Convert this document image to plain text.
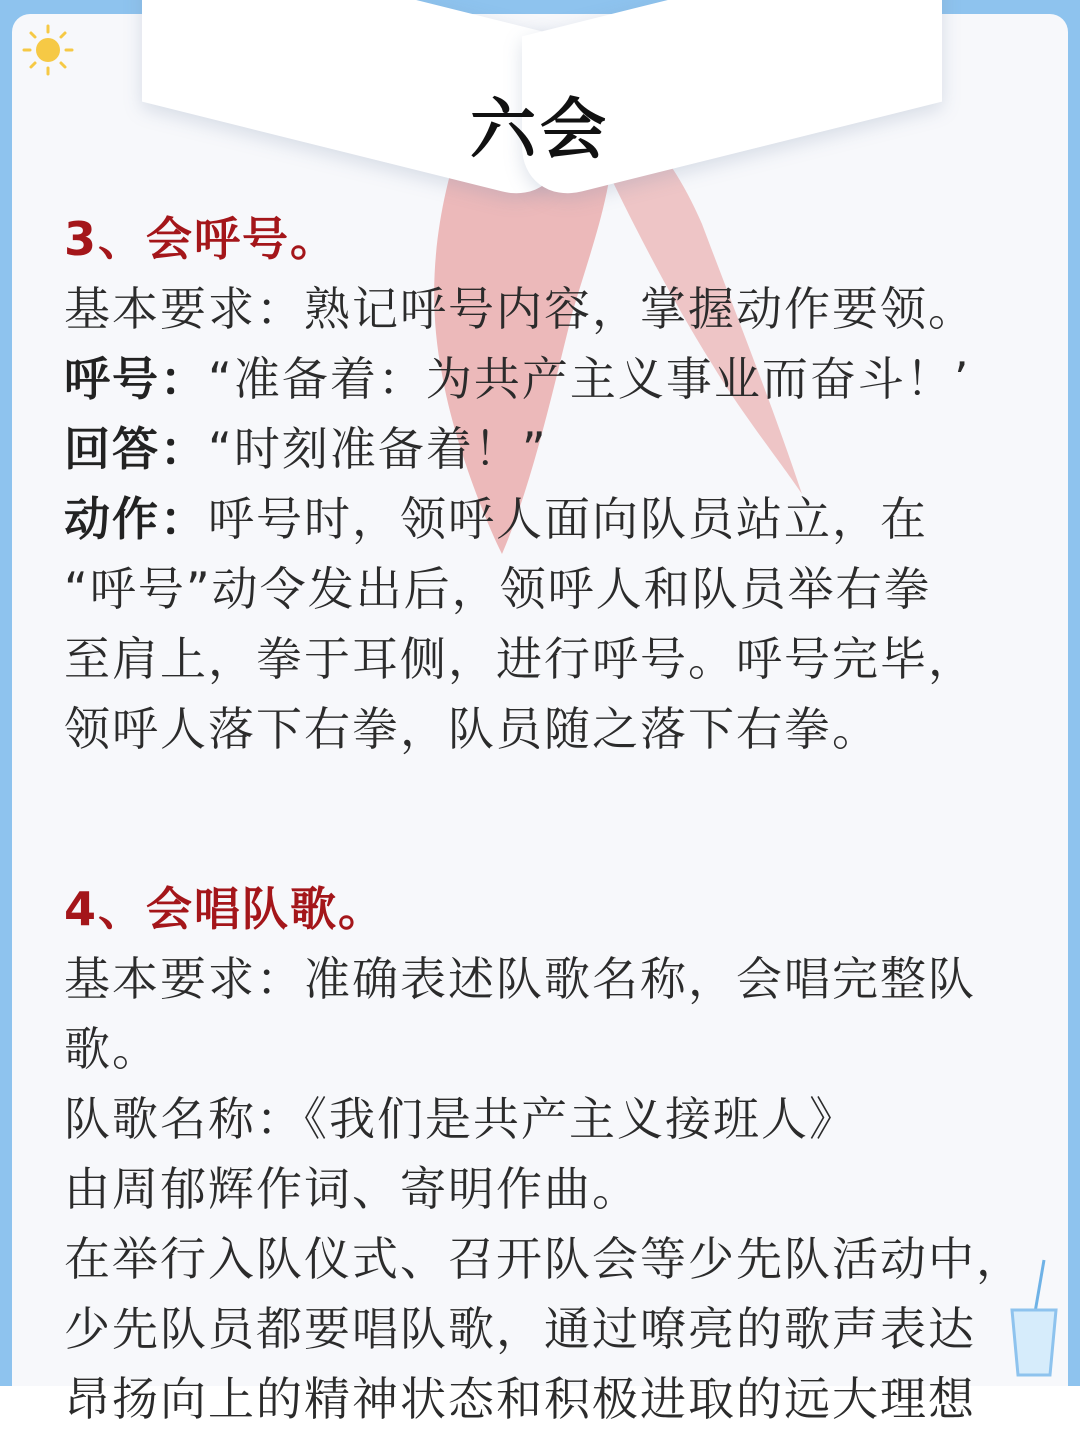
六会
3、会呼号。
基本要求：熟记呼号内容，掌握动作要领。
呼号：“准备着：为共产主义事业而奋斗！’
回答：“时刻准备着！”
动作：呼号时，领呼人面向队员站立，在
“呼号”动令发出后，领呼人和队员举右拳
至肩上，拳于耳侧，进行呼号。呼号完毕，
领呼人落下右拳，队员随之落下右拳。
4、会唱队歌。
基本要求：准确表述队歌名称，会唱完整队
歌。
队歌名称：《我们是共产主义接班人》
由周郁辉作词、寄明作曲。
在举行入队仪式、召开队会等少先队活动中，
少先队员都要唱队歌，通过嘹亮的歌声表达
昂扬向上的精神状态和积极进取的远大理想
